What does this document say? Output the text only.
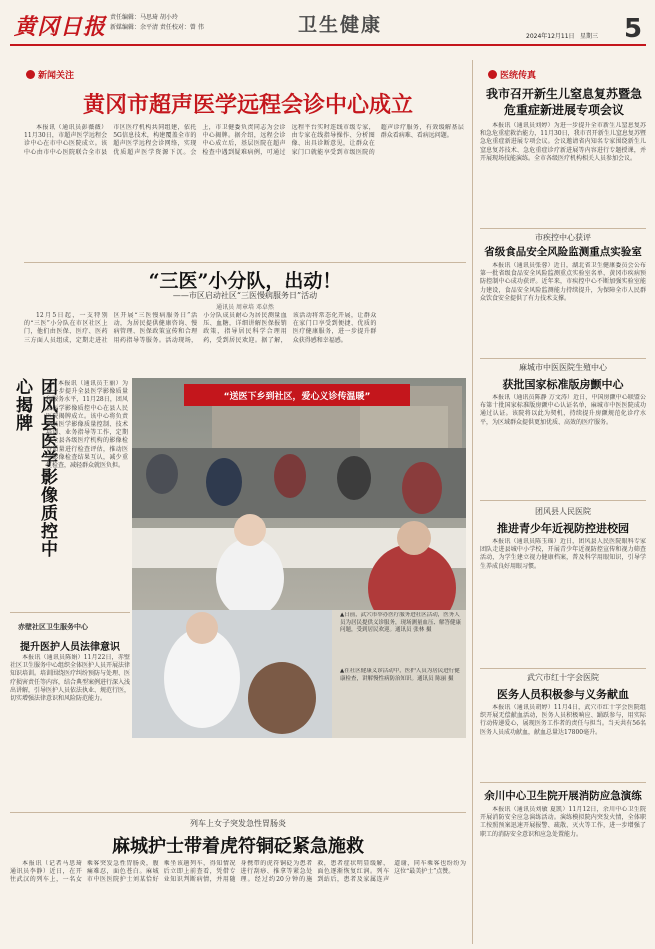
黄冈日报 责任编辑：马思琦 胡小玲
新媒编辑：余平清 责任校对：曾 伟	卫生健康
2024年12月11日 星期三 5
新闻关注
黄冈市超声医学远程会诊中心成立
本报讯（通讯员彭薇薇）11月30日，市超声医学远程会诊中心在市中心医院成立。该中心由市中心医院联合全市县市区医疗机构共同组建，依托5G信息技术，构建覆盖全市的超声医学远程会诊网络，实现优质超声医学资源下沉。会上，市卫健委负责同志为会诊中心揭牌。据介绍，远程会诊中心成立后，基层医院在超声检查中遇到疑难病例，可通过远程平台实时连线市级专家，由专家在线指导操作、分析图像、出具诊断意见，让群众在家门口就能享受到市级医院的超声诊疗服务，有效缓解基层群众看病难、看病远问题。
“三医”小分队，出动！
——市区启动社区“三医慢病服务日”活动
通讯员 周章培 邓卓然
12月5日起，一支特别的“三医”小分队在市区社区上门，他们由医保、医疗、医药三方面人员组成，定期走进社区开展“三医慢病服务日”活动，为居民提供健康咨询、慢病管理、医保政策宣传和合理用药指导等服务。活动现场，小分队成员耐心为居民测量血压、血糖，详细讲解医保报销政策，指导居民科学合理用药，受到居民欢迎。据了解，该活动将常态化开展，让群众在家门口享受到便捷、优质的医疗健康服务，进一步提升群众获得感和幸福感。
团风县医学影像质控中心揭牌	本报讯（通讯员王丽）为进一步提升全县医学影像质量和服务水平，11月28日，团风县医学影像质控中心在县人民医院揭牌成立。该中心将负责全县医学影像质量控制、技术培训、业务指导等工作，定期对全县各级医疗机构的影像检查质量进行检查评估，推动医学影像检查结果互认，减少重复检查，减轻群众就医负担。
赤壁社区卫生服务中心
提升医护人员法律意识
本报讯（通讯员陈娟）11月22日，赤壁社区卫生服务中心组织全体医护人员开展法律知识培训。培训围绕医疗纠纷预防与处理、医疗损害责任等内容，结合典型案例进行深入浅出讲解，引导医护人员依法执业、规范行医，切实增强法律意识和风险防范能力。
“送医下乡到社区，爱心义诊传温暖”
▲日前，武穴市举办医疗服务进社区活动，医务人员为居民提供义诊服务，现场测量血压、解答健康问题，受到居民欢迎。通讯员 张林 摄
▲在社区健康义诊活动中，医护人员为居民进行健康检查，讲解慢性病防治知识。通讯员 陈丽 摄
列车上女子突发急性胃肠炎
麻城护士带着虎符铜砭紧急施救
本报讯（记者马思琦 通讯员李静）近日，在开往武汉的列车上，一名女乘客突发急性胃肠炎，腹痛难忍，面色苍白。麻城市中医医院护士刘某恰好乘坐该趟列车，得知情况后立即上前查看，凭借专业知识判断病情，并用随身携带的虎符铜砭为患者进行刮痧、推拿等紧急处理。经过约20分钟的施救，患者症状明显缓解，面色逐渐恢复红润。列车到站后，患者及家属连声道谢，同车乘客也纷纷为这位“最美护士”点赞。
医统传真
我市召开新生儿窒息复苏暨急危重症新进展专项会议
本报讯（通讯员刘婷）为进一步提升全市新生儿窒息复苏和急危重症救治能力，11月30日，我市召开新生儿窒息复苏暨急危重症新进展专项会议。会议邀请省内知名专家围绕新生儿窒息复苏技术、急危重症诊疗新进展等内容进行专题授课，并开展现场技能演练。全市各级医疗机构相关人员参加会议。
市疾控中心获评
省级食品安全风险监测重点实验室
本报讯（通讯员张蓉）近日，湖北省卫生健康委员会公布第一批省级食品安全风险监测重点实验室名单，黄冈市疾病预防控制中心成功获评。近年来，市疾控中心不断加强实验室能力建设，食品安全风险监测能力持续提升，为保障全市人民群众饮食安全提供了有力技术支撑。
麻城市中医医院生殖中心
获批国家标准版房颤中心
本报讯（通讯员陈静 万文涛）近日，中国房颤中心联盟公布第十批国家标准版房颤中心认证名单，麻城市中医医院成功通过认证。该院将以此为契机，持续提升房颤规范化诊疗水平，为区域群众提供更加优质、高效的医疗服务。
团风县人民医院
推进青少年近视防控进校园
本报讯（通讯员陈玉瑶）近日，团风县人民医院眼科专家团队走进县城中小学校，开展青少年近视防控宣传和视力筛查活动，为学生建立视力健康档案，普及科学用眼知识，引导学生养成良好用眼习惯。
武穴市红十字会医院
医务人员积极参与义务献血
本报讯（通讯员胡婷）11月4日，武穴市红十字会医院组织开展无偿献血活动，医务人员积极响应、踊跃参与，用实际行动传递爱心，展现医务工作者的责任与担当。当天共有56名医务人员成功献血，献血总量达17800毫升。
余川中心卫生院开展消防应急演练
本报讯（通讯员刘敏 夏凯）11月12日，余川中心卫生院开展消防安全应急演练活动。演练模拟院内突发火情，全体职工按照预案迅速开展报警、疏散、灭火等工作，进一步增强了职工的消防安全意识和应急处置能力。
